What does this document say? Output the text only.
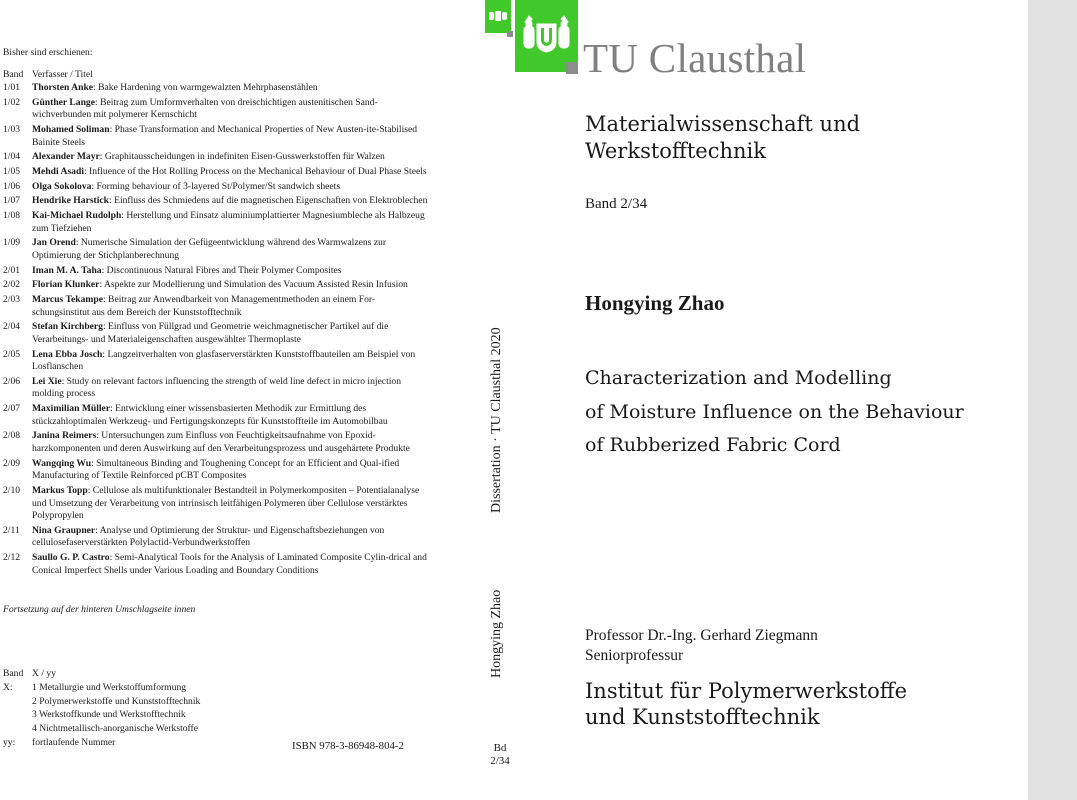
Bisher sind erschienen:
Band Verfasser / Titel
1/01 Thorsten Anke: Bake Hardening von warmgewalzten Mehrphasenstählen
1/02 Günther Lange: Beitrag zum Umformverhalten von dreischichtigen austenitischen Sand-wichverbunden mit polymerer Kernschicht
1/03 Mohamed Soliman: Phase Transformation and Mechanical Properties of New Austen-ite-Stabilised Bainite Steels
1/04 Alexander Mayr: Graphitausscheidungen in indefiniten Eisen-Gusswerkstoffen für Walzen
1/05 Mehdi Asadi: Influence of the Hot Rolling Process on the Mechanical Behaviour of Dual Phase Steels
1/06 Olga Sokolova: Forming behaviour of 3-layered St/Polymer/St sandwich sheets
1/07 Hendrike Harstick: Einfluss des Schmiedens auf die magnetischen Eigenschaften von Elektroblechen
1/08 Kai-Michael Rudolph: Herstellung und Einsatz aluminiumplattierter Magnesiumbleche als Halbzeug zum Tiefziehen
1/09 Jan Orend: Numerische Simulation der Gefügeentwicklung während des Warmwalzens zur Optimierung der Stichplanberechnung
2/01 Iman M. A. Taha: Discontinuous Natural Fibres and Their Polymer Composites
2/02 Florian Klunker: Aspekte zur Modellierung und Simulation des Vacuum Assisted Resin Infusion
2/03 Marcus Tekampe: Beitrag zur Anwendbarkeit von Managementmethoden an einem For-schungsinstitut aus dem Bereich der Kunststofftechnik
2/04 Stefan Kirchberg: Einfluss von Füllgrad und Geometrie weichmagnetischer Partikel auf die Verarbeitungs- und Materialeigenschaften ausgewählter Thermoplaste
2/05 Lena Ebba Josch: Langzeitverhalten von glasfaserverstärkten Kunststoffbauteilen am Beispiel von Losflanschen
2/06 Lei Xie: Study on relevant factors influencing the strength of weld line defect in micro injection molding process
2/07 Maximilian Müller: Entwicklung einer wissensbasierten Methodik zur Ermittlung des stückzahloptimalen Werkzeug- und Fertigungskonzepts für Kunststoffteile im Automobilbau
2/08 Janina Reimers: Untersuchungen zum Einfluss von Feuchtigkeitsaufnahme von Epoxid-harzkomponenten und deren Auswirkung auf den Verarbeitungsprozess und ausgehärtete Produkte
2/09 Wangqing Wu: Simultaneous Binding and Toughening Concept for an Efficient and Qual-ified Manufacturing of Textile Reinforced pCBT Composites
2/10 Markus Topp: Cellulose als multifunktionaler Bestandteil in Polymerkompositen – Potentialanalyse und Umsetzung der Verarbeitung von intrinsisch leitfähigen Polymeren über Cellulose verstärktes Polypropylen
2/11 Nina Graupner: Analyse und Optimierung der Struktur- und Eigenschaftsbeziehungen von cellulosefaserverstärkten Polylactid-Verbundwerkstoffen
2/12 Saullo G. P. Castro: Semi-Analytical Tools for the Analysis of Laminated Composite Cylin-drical and Conical Imperfect Shells under Various Loading and Boundary Conditions
Fortsetzung auf der hinteren Umschlagseite innen
Band X / yy
X: 1 Metallurgie und Werkstoffumformung
2 Polymerwerkstoffe und Kunststofftechnik
3 Werkstoffkunde und Werkstofftechnik
4 Nichtmetallisch-anorganische Werkstoffe
yy: fortlaufende Nummer	ISBN 978-3-86948-804-2
Dissertation · TU Clausthal 2020
Hongying Zhao
Bd
2/34
TU Clausthal
Materialwissenschaft und
Werkstofftechnik
Band 2/34
Hongying Zhao
Characterization and Modelling
of Moisture Influence on the Behaviour
of Rubberized Fabric Cord
Professor Dr.-Ing. Gerhard Ziegmann
Seniorprofessur
Institut für Polymerwerkstoffe
und Kunststofftechnik
